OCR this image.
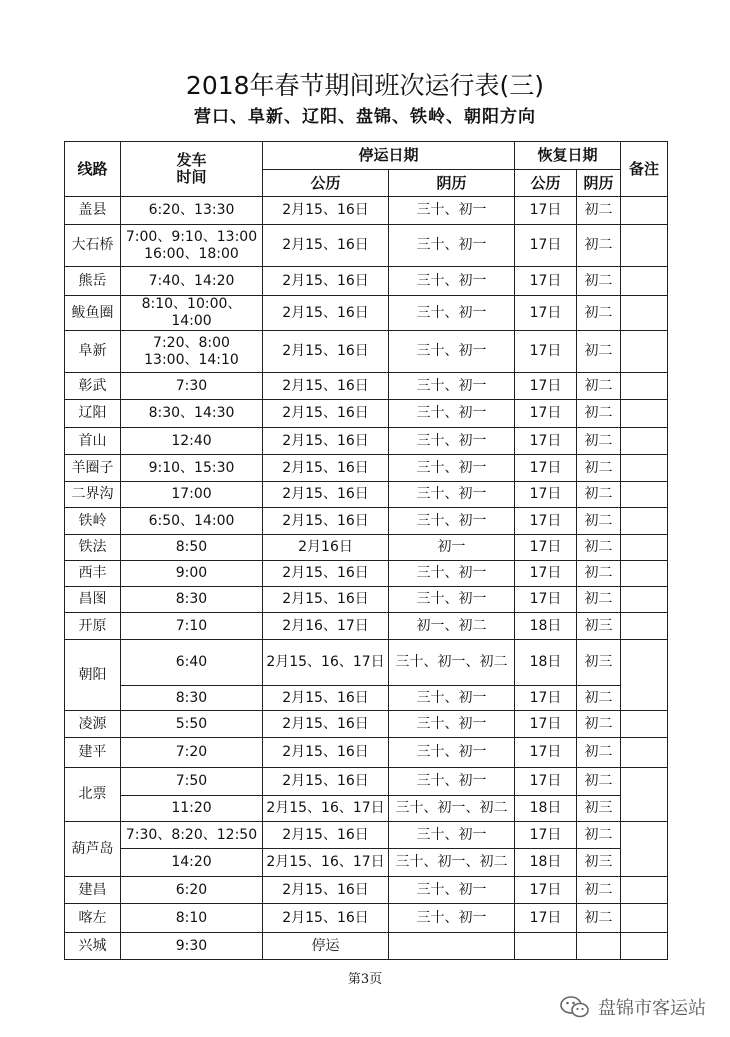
2018年春节期间班次运行表(三)
营口、阜新、辽阳、盘锦、铁岭、朝阳方向
线路	发车
时间	停运日期		恢复日期		备注
		公历	阴历	公历	阴历	
盖县	6:20、13:30	2月15、16日	三十、初一	17日	初二	
大石桥	7:00、9:10、13:00
16:00、18:00	2月15、16日	三十、初一	17日	初二	
熊岳	7:40、14:20	2月15、16日	三十、初一	17日	初二	
鲅鱼圈	8:10、10:00、14:00	2月15、16日	三十、初一	17日	初二	
阜新	7:20、8:00
13:00、14:10	2月15、16日	三十、初一	17日	初二	
彰武	7:30	2月15、16日	三十、初一	17日	初二	
辽阳	8:30、14:30	2月15、16日	三十、初一	17日	初二	
首山	12:40	2月15、16日	三十、初一	17日	初二	
羊圈子	9:10、15:30	2月15、16日	三十、初一	17日	初二	
二界沟	17:00	2月15、16日	三十、初一	17日	初二	
铁岭	6:50、14:00	2月15、16日	三十、初一	17日	初二	
铁法	8:50	2月16日	初一	17日	初二	
西丰	9:00	2月15、16日	三十、初一	17日	初二	
昌图	8:30	2月15、16日	三十、初一	17日	初二	
开原	7:10	2月16、17日	初一、初二	18日	初三	
朝阳	6:40	2月15、16、17日	三十、初一、初二	18日	初三	
	8:30	2月15、16日	三十、初一	17日	初二	
凌源	5:50	2月15、16日	三十、初一	17日	初二	
建平	7:20	2月15、16日	三十、初一	17日	初二	
北票	7:50	2月15、16日	三十、初一	17日	初二	
	11:20	2月15、16、17日	三十、初一、初二	18日	初三	
葫芦岛	7:30、8:20、12:50	2月15、16日	三十、初一	17日	初二	
	14:20	2月15、16、17日	三十、初一、初二	18日	初三	
建昌	6:20	2月15、16日	三十、初一	17日	初二	
喀左	8:10	2月15、16日	三十、初一	17日	初二	
兴城	9:30	停运				
第3页
盘锦市客运站
